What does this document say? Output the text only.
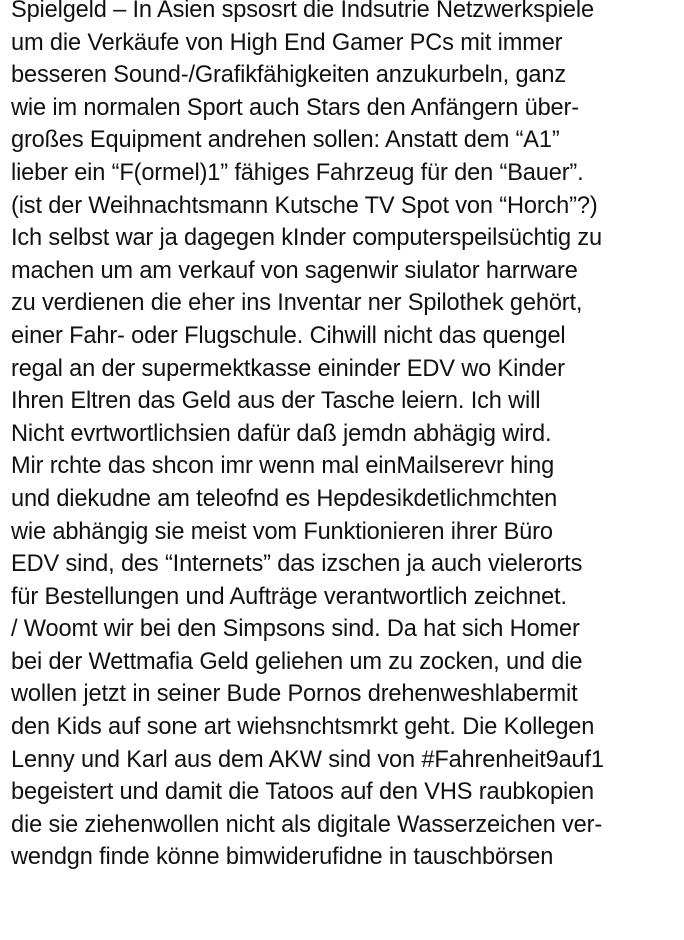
Spielgeld – In Asien spsosrt die Indsutrie Netzwerkspiele
um die Verkäufe von High End Gamer PCs mit immer
besseren Sound-/Grafikfähigkeiten anzukurbeln, ganz
wie im normalen Sport auch Stars den Anfängern über-
großes Equipment andrehen sollen: Anstatt dem “A1”
lieber ein “F(ormel)1” fähiges Fahrzeug für den “Bauer”.
(ist der Weihnachtsmann Kutsche TV Spot von “Horch”?)
Ich selbst war ja dagegen kInder computerspeilsüchtig zu
machen um am verkauf von sagenwir siulator harrware
zu verdienen die eher ins Inventar ner Spilothek gehört,
einer Fahr- oder Flugschule. Cihwill nicht das quengel
regal an der supermektkasse eininder EDV wo Kinder
Ihren Eltren das Geld aus der Tasche leiern. Ich will
Nicht evrtwortlichsien dafür daß jemdn abhägig wird.
Mir rchte das shcon imr wenn mal einMailserevr hing
und diekudne am teleofnd es Hepdesikdetlichmchten
wie abhängig sie meist vom Funktionieren ihrer Büro
EDV sind, des “Internets” das izschen ja auch vielerorts
für Bestellungen und Aufträge verantwortlich zeichnet.
/ Woomt wir bei den Simpsons sind. Da hat sich Homer
bei der Wettmafia Geld geliehen um zu zocken, und die
wollen jetzt in seiner Bude Pornos drehenweshlabermit
den Kids auf sone art wiehsnchtsmrkt geht. Die Kollegen
Lenny und Karl aus dem AKW sind von #Fahrenheit9auf1
begeistert und damit die Tatoos auf den VHS raubkopien
die sie ziehenwollen nicht als digitale Wasserzeichen ver-
wendgn finde könne bimwiderufidne in tauschbörsen
